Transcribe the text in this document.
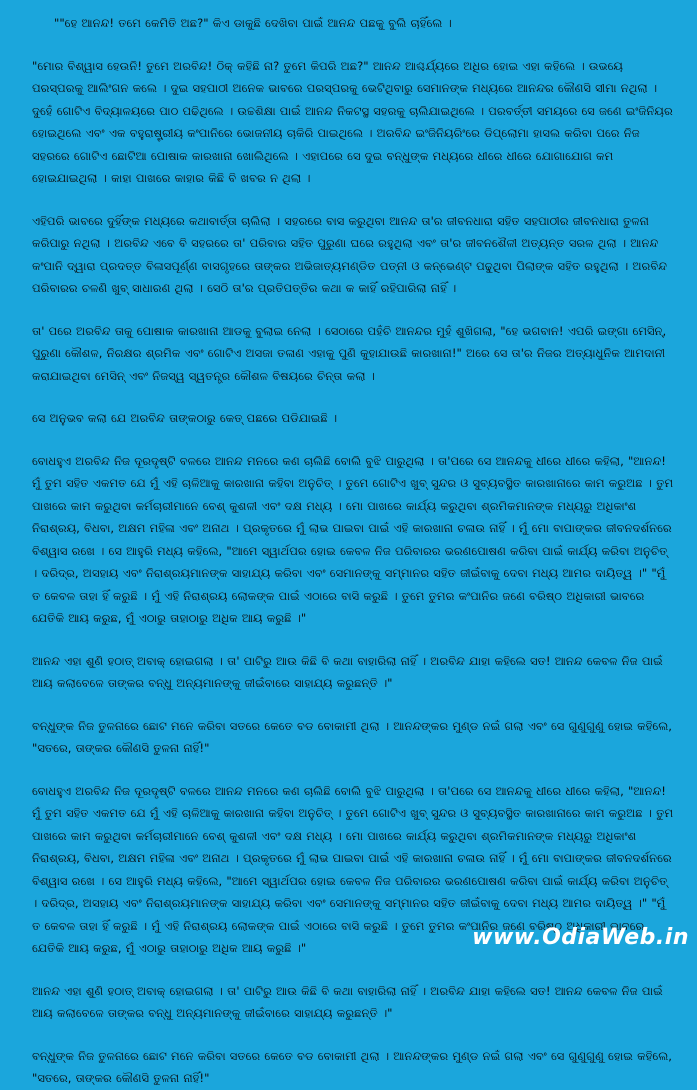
""ହେ ଆନନ୍ଦ! ତମେ କେମିତି ଅଛ?" କିଏ ଡାକୁଛି ଦେଖିବା ପାଇଁ ଆନନ୍ଦ ପଛକୁ ବୁଲି ଚାହିଁଲେ ।

"ମୋର ବିଶ୍ୱାସ ହେଉନି! ତୁମେ ଅରବିନ୍ଦ! ଠିକ୍ କହିଛି ନା? ତୁମେ କିପରି ଅଛ?" ଆନନ୍ଦ ଆଶ୍ଚର୍ଯ୍ୟରେ ଅଧିର ହୋଇ ଏହା କହିଲେ । ଉଭୟେ ପରସ୍ପରକୁ ଆଲିଂଗନ କଲେ । ଦୁଇ ସହପାଠୀ ଅନେକ ଭାବରେ ପରସ୍ପରକୁ ଭେଟିଥିବାରୁ ସେମାନଙ୍କ ମଧ୍ୟରେ ଆନନ୍ଦର କୌଣସି ସୀମା ନଥିଲା । ଦୁହେଁ ଗୋଟିଏ ବିଦ୍ୟାଳୟରେ ପାଠ ପଢିଥିଲେ । ଉଚ୍ଚଶିକ୍ଷା ପାଇଁ ଆନନ୍ଦ ନିକଟସ୍ଥ ସହରକୁ ଚାଲିଯାଇଥିଲେ । ପରବର୍ତ୍ତୀ ସମୟରେ ସେ ଜଣେ ଇଂଜିନିୟର ହୋଇଥିଲେ ଏବଂ ଏକ ବହୁରାଷ୍ଟ୍ରୀୟ କଂପାନିରେ ଭୋଜନୀୟ ଚାକିରି ପାଇଥିଲେ । ଅରବିନ୍ଦ ଇଂଜିନିୟରିଂରେ ଡିପ୍ଲୋମା ହାସଲ କରିବା ପରେ ନିଜ ସହରରେ ଗୋଟିଏ ଛୋଟିଆ ପୋଷାକ କାରଖାନା ଖୋଲିଥିଲେ । ଏହାପରେ ସେ ଦୁଇ ବନ୍ଧୁଙ୍କ ମଧ୍ୟରେ ଧୀରେ ଧୀରେ ଯୋଗାଯୋଗ କମ ହୋଇଯାଇଥିଲା । କାହା ପାଖରେ କାହାର କିଛି ବି ଖବର ନ ଥିଲା ।

ଏହିପରି ଭାବରେ ଦୁହିଁଙ୍କ ମଧ୍ୟରେ କଥାବାର୍ତ୍ତା ଚାଲିଲା । ସହରରେ ବାସ କରୁଥିବା ଆନନ୍ଦ ତା'ର ଜୀବନଧାରା ସହିତ ସହପାଠୀର ଜୀବନଧାରା ତୁଳନା କରିପାରୁ ନଥିଲା । ଅରବିନ୍ଦ ଏବେ ବି ସହରରେ ତା' ପରିବାର ସହିତ ପୁରୁଣା ଘରେ ରହୁଥିଲା ଏବଂ ତା'ର ଜୀବନଶୈଳୀ ଅତ୍ୟନ୍ତ ସରଳ ଥିଲା । ଆନନ୍ଦ କଂପାନି ଦ୍ୱାରା ପ୍ରଦତ୍ତ ବିଳାସପୂର୍ଣ୍ଣ ବାସଗୃହରେ ତାଙ୍କର ଅଭିଜାତ୍ୟମଣ୍ଡିତ ପତ୍ନୀ ଓ କନ୍ଭେଣ୍ଟ ପଢୁଥିବା ପିଲାଙ୍କ ସହିତ ରହୁଥିଲା । ଅରବିନ୍ଦ ପରିବାରର ଚଳଣି ଖୁବ୍ ସାଧାରଣ ଥିଲା । ସେଠି ତା'ର ପ୍ରତିପତ୍ତିର କଥା କ କାହିଁ ରହିପାରିଲା ନାହିଁ ।

ତା' ପରେ ଅରବିନ୍ଦ ତାକୁ ପୋଷାକ କାରଖାନା ଆଡକୁ ବୁଲାଇ ନେଲା । ସେଠାରେ ପହଁଚି ଆନନ୍ଦର ମୁହଁ ଶୁଖିଗଲା, "ହେ ଭଗବାନ! ଏପରି ଇଙ୍ଗା ମେସିନ୍, ପୁରୁଣା କୌଶଳ, ନିରକ୍ଷର ଶ୍ରମିକ ଏବଂ ଗୋଟିଏ ଅସଜା ତଳାଣ ଏହାକୁ ପୁଣି କୁହାଯାଉଛି କାରଖାନା!" ଅରେ ସେ ତା'ର ନିଜର ଅତ୍ୟାଧୁନିକ ଆମଦାନୀ କରାଯାଇଥିବା ମେସିନ୍ ଏବଂ ନିଜସ୍ୱ ସ୍ୱତନ୍ତ୍ର କୌଶଳ ବିଷୟରେ ଚିନ୍ତା କଲା ।

ସେ ଅନୁଭବ କଲା ଯେ ଅରବିନ୍ଦ ତାଙ୍କଠାରୁ କେତ୍ ପଛରେ ପଡିଯାଇଛି ।

ବୋଧହୁଏ ଅରବିନ୍ଦ ନିଜ ଦୂରଦୃଷ୍ଟି ବଳରେ ଆନନ୍ଦ ମନରେ କଣ ଚାଲିଛି ବୋଲି ବୁଝି ପାରୁଥିଲା । ତା'ପରେ ସେ ଆନନ୍ଦକୁ ଧୀରେ ଧୀରେ କହିଲା, "ଆନନ୍ଦ! ମୁଁ ତୁମ ସହିତ ଏକମତ ଯେ ମୁଁ ଏହି ଚାଳିଆକୁ କାରଖାନା କହିବା ଅନୁଚିତ୍ । ତୁମେ ଗୋଟିଏ ଖୁବ୍ ସୁନ୍ଦର ଓ ସୁବ୍ୟବସ୍ଥିତ କାରଖାନାରେ କାମ କରୁଅଛ । ତୁମ ପାଖରେ କାମ କରୁଥିବା କର୍ମଚାରୀମାନେ ବେଶ୍ କୁଶଳୀ ଏବଂ ଦକ୍ଷ ମଧ୍ୟ । ମୋ ପାଖରେ କାର୍ଯ୍ୟ କରୁଥିବା ଶ୍ରମିକମାନଙ୍କ ମଧ୍ୟରୁ ଅଧିକାଂଶ ନିରାଶ୍ରୟ, ବିଧବା, ଅକ୍ଷମ ମହିଳା ଏବଂ ଅନାଥ । ପ୍ରକୃତରେ ମୁଁ ଲାଭ ପାଇବା ପାଇଁ ଏହି କାରଖାନା ଚଳାଉ ନାହିଁ । ମୁଁ ମୋ ବାପାଙ୍କର ଜୀବନଦର୍ଶନରେ ବିଶ୍ୱାସ ରଖେ । ସେ ଆହୁରି ମଧ୍ୟ କହିଲେ, "ଆମେ ସ୍ୱାର୍ଥପର ହୋଇ କେବଳ ନିଜ ପରିବାରର ଭରଣପୋଷଣ କରିବା ପାଇଁ କାର୍ଯ୍ୟ କରିବା ଅନୁଚିତ୍ । ଦରିଦ୍ର, ଅସହାୟ ଏବଂ ନିରାଶ୍ରୟମାନଙ୍କ ସାହାଯ୍ୟ କରିବା ଏବଂ ସେମାନଙ୍କୁ ସମ୍ମାନର ସହିତ ଜୀଇଁବାକୁ ଦେବା ମଧ୍ୟ ଆମର ଦାୟିତ୍ୱ ।" "ମୁଁ ତ କେବଳ ତାହା ହିଁ କରୁଛି । ମୁଁ ଏହି ନିରାଶ୍ରୟ ଲୋକଙ୍କ ପାଇଁ ଏଠାରେ ବାସି କରୁଛି । ତୁମେ ତୁମର କଂପାନିର ଜଣେ ବରିଷ୍ଠ ଅଧିକାରୀ ଭାବରେ ଯେତିକି ଆୟ କରୁଛ, ମୁଁ ଏଠାରୁ ତାହାଠାରୁ ଅଧିକ ଆୟ କରୁଛି ।"

ଆନନ୍ଦ ଏହା ଶୁଣି ହଠାତ୍ ଅବାକ୍ ହୋଇଗଲା । ତା' ପାଟିରୁ ଆଉ କିଛି ବି କଥା ବାହାରିଲା ନାହିଁ । ଅରବିନ୍ଦ ଯାହା କହିଲେ ସତ! ଆନନ୍ଦ କେବଳ ନିଜ ପାଇଁ ଆୟ କଲାବେଳେ ତାଙ୍କର ବନ୍ଧୁ ଅନ୍ୟମାନଙ୍କୁ ଜୀଇଁବାରେ ସାହାଯ୍ୟ କରୁଛନ୍ତି ।"

ବନ୍ଧୁଙ୍କ ନିଜ ତୁଳନାରେ ଛୋଟ ମନେ କରିବା ସତରେ କେତେ ବଡ ବୋକାମୀ ଥିଲା । ଆନନ୍ଦଙ୍କର ମୁଣ୍ଡ ନଇଁ ଗଲା ଏବଂ ସେ ଗୁଣୁଗୁଣୁ ହୋଇ କହିଲେ, "ସତରେ, ତାଙ୍କର କୌଣସି ତୁଳନା ନାହିଁ!"

ବୋଧହୁଏ ଅରବିନ୍ଦ ନିଜ ଦୂରଦୃଷ୍ଟି ବଳରେ ଆନନ୍ଦ ମନରେ କଣ ଚାଲିଛି ବୋଲି ବୁଝି ପାରୁଥିଲା । ତା'ପରେ ସେ ଆନନ୍ଦକୁ ଧୀରେ ଧୀରେ କହିଲା, "ଆନନ୍ଦ! ମୁଁ ତୁମ ସହିତ ଏକମତ ଯେ ମୁଁ ଏହି ଚାଳିଆକୁ କାରଖାନା କହିବା ଅନୁଚିତ୍ । ତୁମେ ଗୋଟିଏ ଖୁବ୍ ସୁନ୍ଦର ଓ ସୁବ୍ୟବସ୍ଥିତ କାରଖାନାରେ କାମ କରୁଅଛ । ତୁମ ପାଖରେ କାମ କରୁଥିବା କର୍ମଚାରୀମାନେ ବେଶ୍ କୁଶଳୀ ଏବଂ ଦକ୍ଷ ମଧ୍ୟ । ମୋ ପାଖରେ କାର୍ଯ୍ୟ କରୁଥିବା ଶ୍ରମିକମାନଙ୍କ ମଧ୍ୟରୁ ଅଧିକାଂଶ ନିରାଶ୍ରୟ, ବିଧବା, ଅକ୍ଷମ ମହିଳା ଏବଂ ଅନାଥ । ପ୍ରକୃତରେ ମୁଁ ଲାଭ ପାଇବା ପାଇଁ ଏହି କାରଖାନା ଚଳାଉ ନାହିଁ । ମୁଁ ମୋ ବାପାଙ୍କର ଜୀବନଦର୍ଶନରେ ବିଶ୍ୱାସ ରଖେ । ସେ ଆହୁରି ମଧ୍ୟ କହିଲେ, "ଆମେ ସ୍ୱାର୍ଥପର ହୋଇ କେବଳ ନିଜ ପରିବାରର ଭରଣପୋଷଣ କରିବା ପାଇଁ କାର୍ଯ୍ୟ କରିବା ଅନୁଚିତ୍ । ଦରିଦ୍ର, ଅସହାୟ ଏବଂ ନିରାଶ୍ରୟମାନଙ୍କ ସାହାଯ୍ୟ କରିବା ଏବଂ ସେମାନଙ୍କୁ ସମ୍ମାନର ସହିତ ଜୀଇଁବାକୁ ଦେବା ମଧ୍ୟ ଆମର ଦାୟିତ୍ୱ ।" "ମୁଁ ତ କେବଳ ତାହା ହିଁ କରୁଛି । ମୁଁ ଏହି ନିରାଶ୍ରୟ ଲୋକଙ୍କ ପାଇଁ ଏଠାରେ ବାସି କରୁଛି । ତୁମେ ତୁମର କଂପାନିର ଜଣେ ବରିଷ୍ଠ ଅଧିକାରୀ ଭାବରେ ଯେତିକି ଆୟ କରୁଛ, ମୁଁ ଏଠାରୁ ତାହାଠାରୁ ଅଧିକ ଆୟ କରୁଛି ।"

ଆନନ୍ଦ ଏହା ଶୁଣି ହଠାତ୍ ଅବାକ୍ ହୋଇଗଲା । ତା' ପାଟିରୁ ଆଉ କିଛି ବି କଥା ବାହାରିଲା ନାହିଁ । ଅରବିନ୍ଦ ଯାହା କହିଲେ ସତ! ଆନନ୍ଦ କେବଳ ନିଜ ପାଇଁ ଆୟ କଲାବେଳେ ତାଙ୍କର ବନ୍ଧୁ ଅନ୍ୟମାନଙ୍କୁ ଜୀଇଁବାରେ ସାହାଯ୍ୟ କରୁଛନ୍ତି ।"

ବନ୍ଧୁଙ୍କ ନିଜ ତୁଳନାରେ ଛୋଟ ମନେ କରିବା ସତରେ କେତେ ବଡ ବୋକାମୀ ଥିଲା । ଆନନ୍ଦଙ୍କର ମୁଣ୍ଡ ନଇଁ ଗଲା ଏବଂ ସେ ଗୁଣୁଗୁଣୁ ହୋଇ କହିଲେ, "ସତରେ, ତାଙ୍କର କୌଣସି ତୁଳନା ନାହିଁ!"

www.OdiaWeb.in
